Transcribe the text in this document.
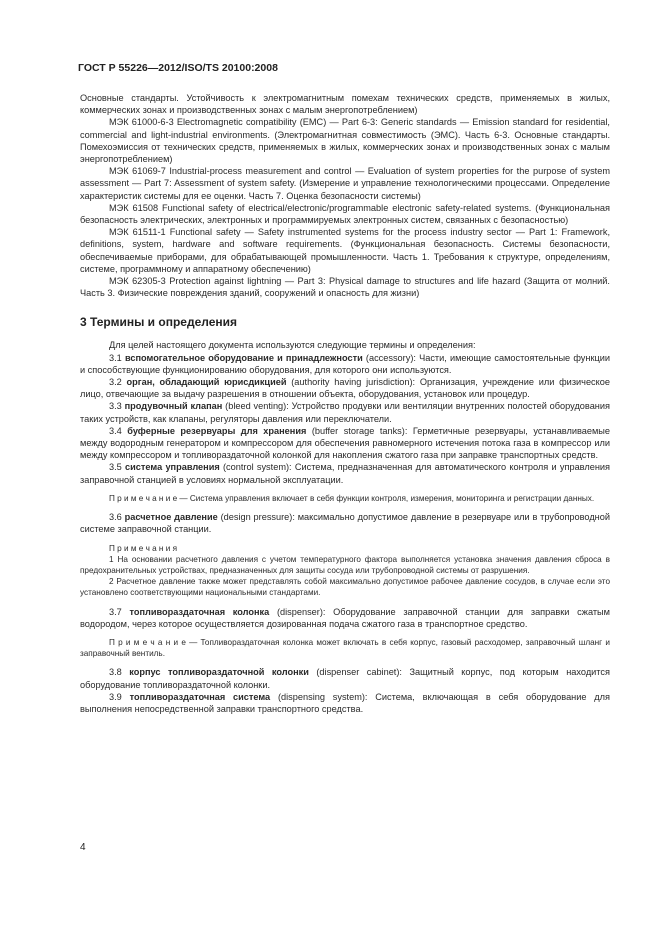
ГОСТ Р 55226—2012/ISO/TS 20100:2008

Основные стандарты. Устойчивость к электромагнитным помехам технических средств, применяемых в жилых, коммерческих зонах и производственных зонах с малым энергопотреблением)

МЭК 61000-6-3 Electromagnetic compatibility (EMC) — Part 6-3: Generic standards — Emission standard for residential, commercial and light-industrial environments. (Электромагнитная совместимость (ЭМС). Часть 6-3. Основные стандарты. Помехоэмиссия от технических средств, применяемых в жилых, коммерческих зонах и производственных зонах с малым энергопотреблением)

МЭК 61069-7 Industrial-process measurement and control — Evaluation of system properties for the purpose of system assessment — Part 7: Assessment of system safety. (Измерение и управление технологическими процессами. Определение характеристик системы для ее оценки. Часть 7. Оценка безопасности системы)

МЭК 61508 Functional safety of electrical/electronic/programmable electronic safety-related systems. (Функциональная безопасность электрических, электронных и программируемых электронных систем, связанных с безопасностью)

МЭК 61511-1 Functional safety — Safety instrumented systems for the process industry sector — Part 1: Framework, definitions, system, hardware and software requirements. (Функциональная безопасность. Системы безопасности, обеспечиваемые приборами, для обрабатывающей промышленности. Часть 1. Требования к структуре, определениям, системе, программному и аппаратному обеспечению)

МЭК 62305-3 Protection against lightning — Part 3: Physical damage to structures and life hazard (Защита от молний. Часть 3. Физические повреждения зданий, сооружений и опасность для жизни)

3 Термины и определения

Для целей настоящего документа используются следующие термины и определения:

3.1 вспомогательное оборудование и принадлежности (accessory): Части, имеющие самостоятельные функции и способствующие функционированию оборудования, для которого они используются.

3.2 орган, обладающий юрисдикцией (authority having jurisdiction): Организация, учреждение или физическое лицо, отвечающие за выдачу разрешения в отношении объекта, оборудования, установок или процедур.

3.3 продувочный клапан (bleed venting): Устройство продувки или вентиляции внутренних полостей оборудования таких устройств, как клапаны, регуляторы давления или переключатели.

3.4 буферные резервуары для хранения (buffer storage tanks): Герметичные резервуары, устанавливаемые между водородным генератором и компрессором для обеспечения равномерного истечения потока газа в компрессор или между компрессором и топливораздаточной колонкой для накопления сжатого газа при заправке транспортных средств.

3.5 система управления (control system): Система, предназначенная для автоматического контроля и управления заправочной станцией в условиях нормальной эксплуатации.

П р и м е ч а н и е — Система управления включает в себя функции контроля, измерения, мониторинга и регистрации данных.

3.6 расчетное давление (design pressure): максимально допустимое давление в резервуаре или в трубопроводной системе заправочной станции.

П р и м е ч а н и я

1 На основании расчетного давления с учетом температурного фактора выполняется установка значения давления сброса в предохранительных устройствах, предназначенных для защиты сосуда или трубопроводной системы от разрушения.

2 Расчетное давление также может представлять собой максимально допустимое рабочее давление сосудов, в случае если это установлено соответствующими национальными стандартами.

3.7 топливораздаточная колонка (dispenser): Оборудование заправочной станции для заправки сжатым водородом, через которое осуществляется дозированная подача сжатого газа в транспортное средство.

П р и м е ч а н и е — Топливораздаточная колонка может включать в себя корпус, газовый расходомер, заправочный шланг и заправочный вентиль.

3.8 корпус топливораздаточной колонки (dispenser cabinet): Защитный корпус, под которым находится оборудование топливораздаточной колонки.

3.9 топливораздаточная система (dispensing system): Система, включающая в себя оборудование для выполнения непосредственной заправки транспортного средства.

4
